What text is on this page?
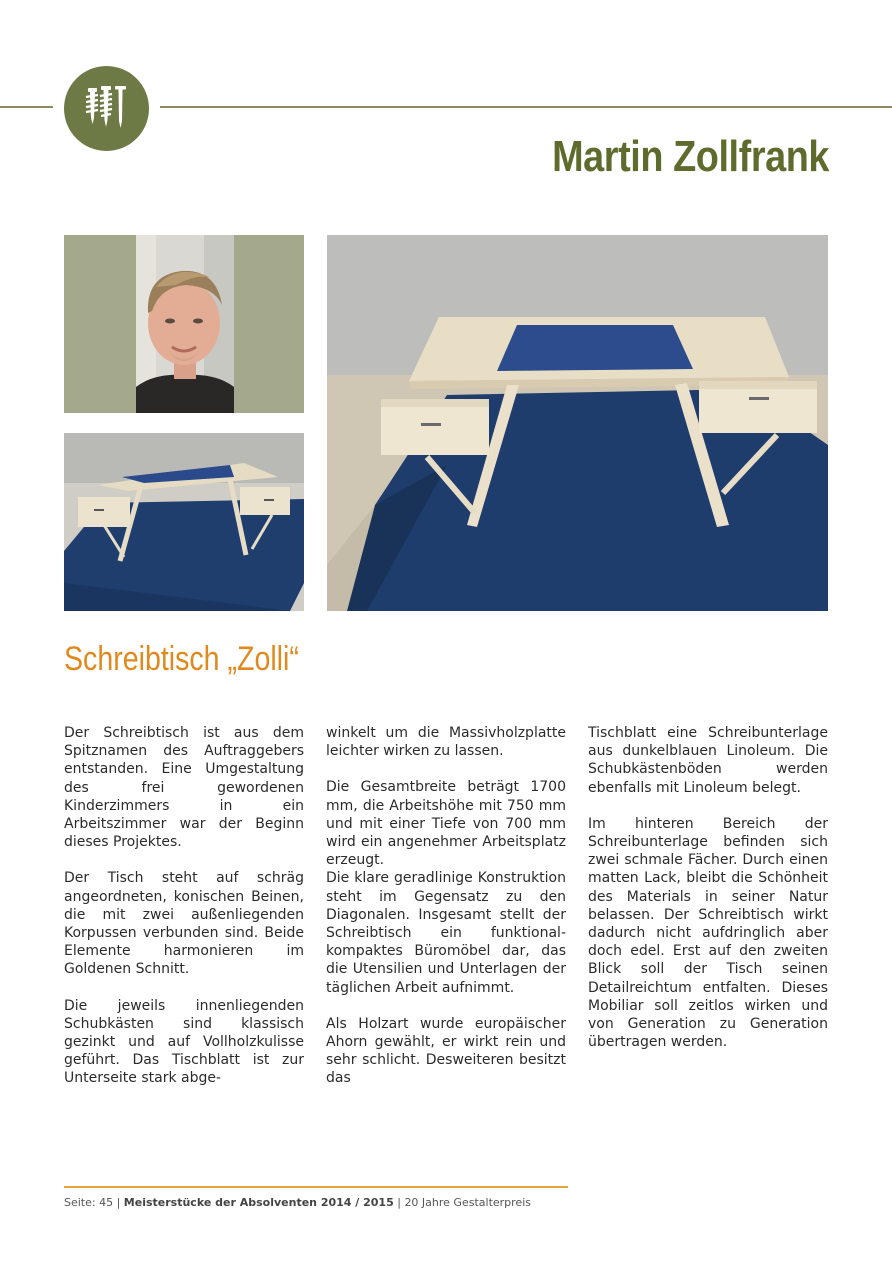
Martin Zollfrank
Schreibtisch „Zolli“

Der Schreibtisch ist aus dem Spitznamen des Auftraggebers entstanden. Eine Umgestaltung des frei gewordenen Kinderzimmers in ein Arbeitszimmer war der Beginn dieses Projektes.

Der Tisch steht auf schräg angeordneten, konischen Beinen, die mit zwei außenliegenden Korpussen verbunden sind. Beide Elemente harmonieren im Goldenen Schnitt.

Die jeweils innenliegenden Schubkästen sind klassisch gezinkt und auf Vollholzkulisse geführt. Das Tischblatt ist zur Unterseite stark abge-

winkelt um die Massivholzplatte leichter wirken zu lassen.

Die Gesamtbreite beträgt 1700 mm, die Arbeitshöhe mit 750 mm und mit einer Tiefe von 700 mm wird ein angenehmer Arbeitsplatz erzeugt.

Die klare geradlinige Konstruktion steht im Gegensatz zu den Diagonalen. Insgesamt stellt der Schreibtisch ein funktional-kompaktes Büromöbel dar, das die Utensilien und Unterlagen der täglichen Arbeit aufnimmt.

Als Holzart wurde europäischer Ahorn gewählt, er wirkt rein und sehr schlicht. Desweiteren besitzt das

Tischblatt eine Schreibunterlage aus dunkelblauen Linoleum. Die Schubkästenböden werden ebenfalls mit Linoleum belegt.

Im hinteren Bereich der Schreibunterlage befinden sich zwei schmale Fächer. Durch einen matten Lack, bleibt die Schönheit des Materials in seiner Natur belassen. Der Schreibtisch wirkt dadurch nicht aufdringlich aber doch edel. Erst auf den zweiten Blick soll der Tisch seinen Detailreichtum entfalten. Dieses Mobiliar soll zeitlos wirken und von Generation zu Generation übertragen werden.

Seite: 45 | Meisterstücke der Absolventen 2014 / 2015 | 20 Jahre Gestalterpreis
